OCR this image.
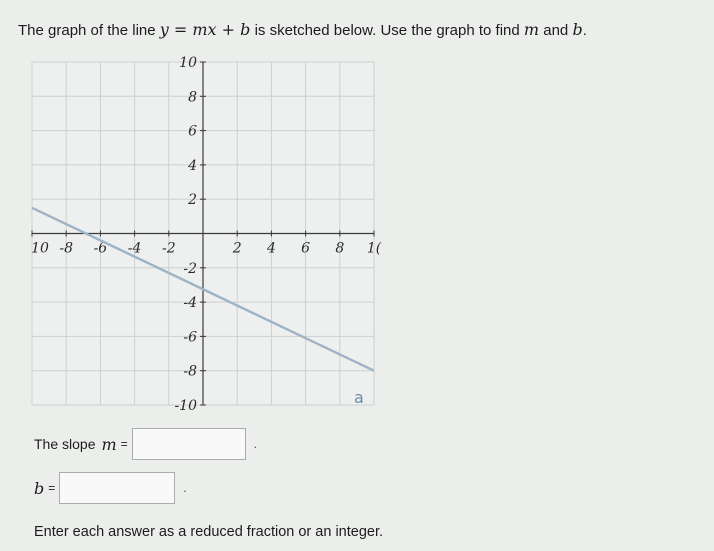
The graph of the line y = mx + b is sketched below. Use the graph to find m and b.
10 -8 -6 -4 -2	2 4 6 8 1(
10
8
6
4
2
-2
-4
-6
-8
-10	a
The slope m =	.
b =	.
Enter each answer as a reduced fraction or an integer.
